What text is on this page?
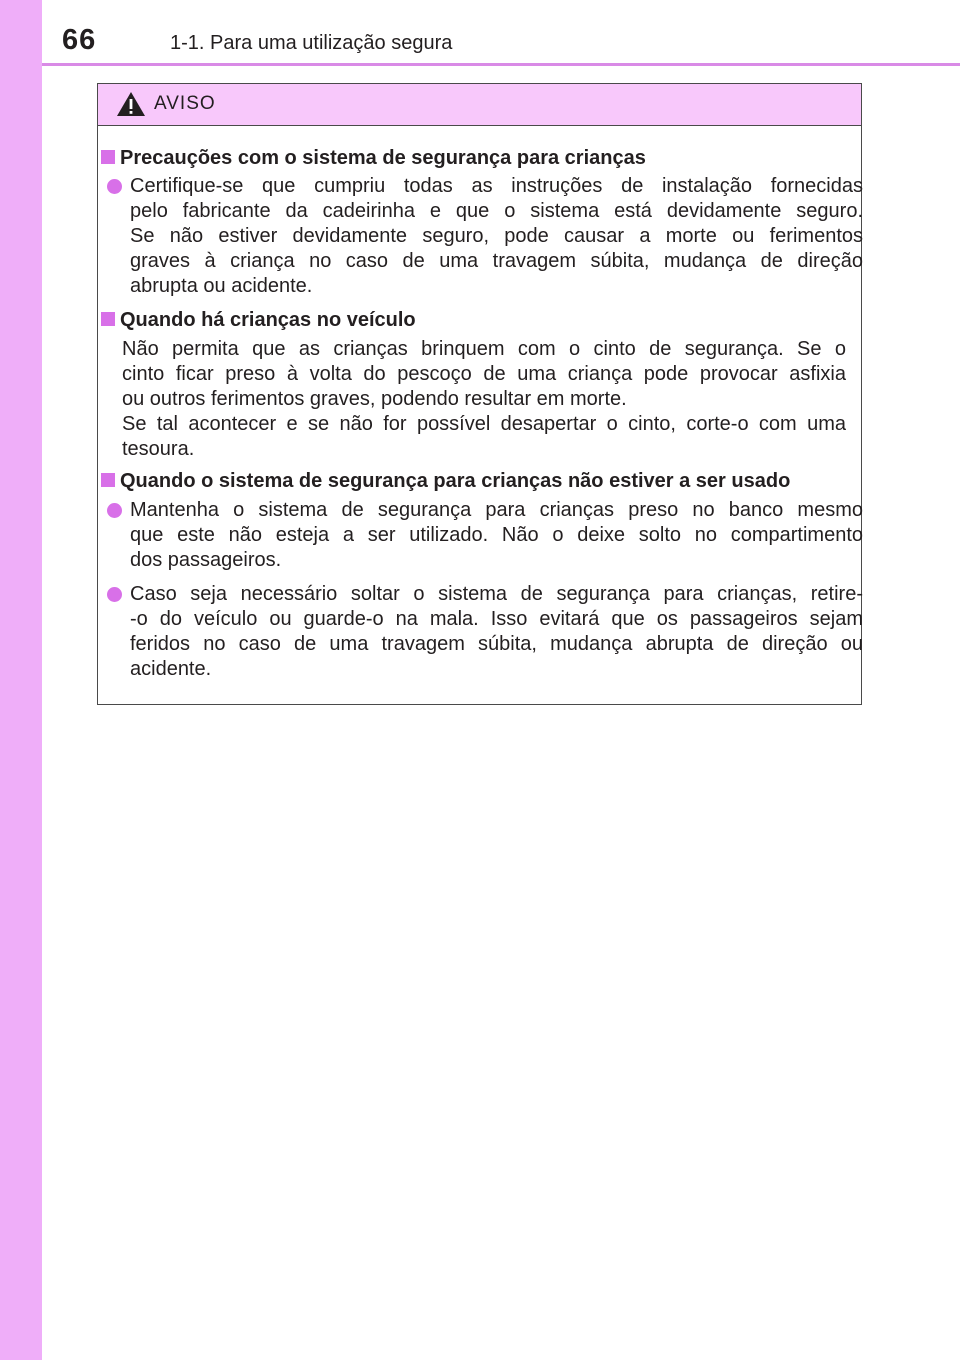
66	1-1. Para uma utilização segura
AVISO
Precauções com o sistema de segurança para crianças
Certifique-se que cumpriu todas as instruções de instalação fornecidas
pelo fabricante da cadeirinha e que o sistema está devidamente seguro.
Se não estiver devidamente seguro, pode causar a morte ou ferimentos
graves à criança no caso de uma travagem súbita, mudança de direção
abrupta ou acidente.
Quando há crianças no veículo
Não permita que as crianças brinquem com o cinto de segurança. Se o
cinto ficar preso à volta do pescoço de uma criança pode provocar asfixia
ou outros ferimentos graves, podendo resultar em morte.
Se tal acontecer e se não for possível desapertar o cinto, corte-o com uma
tesoura.
Quando o sistema de segurança para crianças não estiver a ser usado
Mantenha o sistema de segurança para crianças preso no banco mesmo
que este não esteja a ser utilizado. Não o deixe solto no compartimento
dos passageiros.
Caso seja necessário soltar o sistema de segurança para crianças, retire-
-o do veículo ou guarde-o na mala. Isso evitará que os passageiros sejam
feridos no caso de uma travagem súbita, mudança abrupta de direção ou
acidente.
